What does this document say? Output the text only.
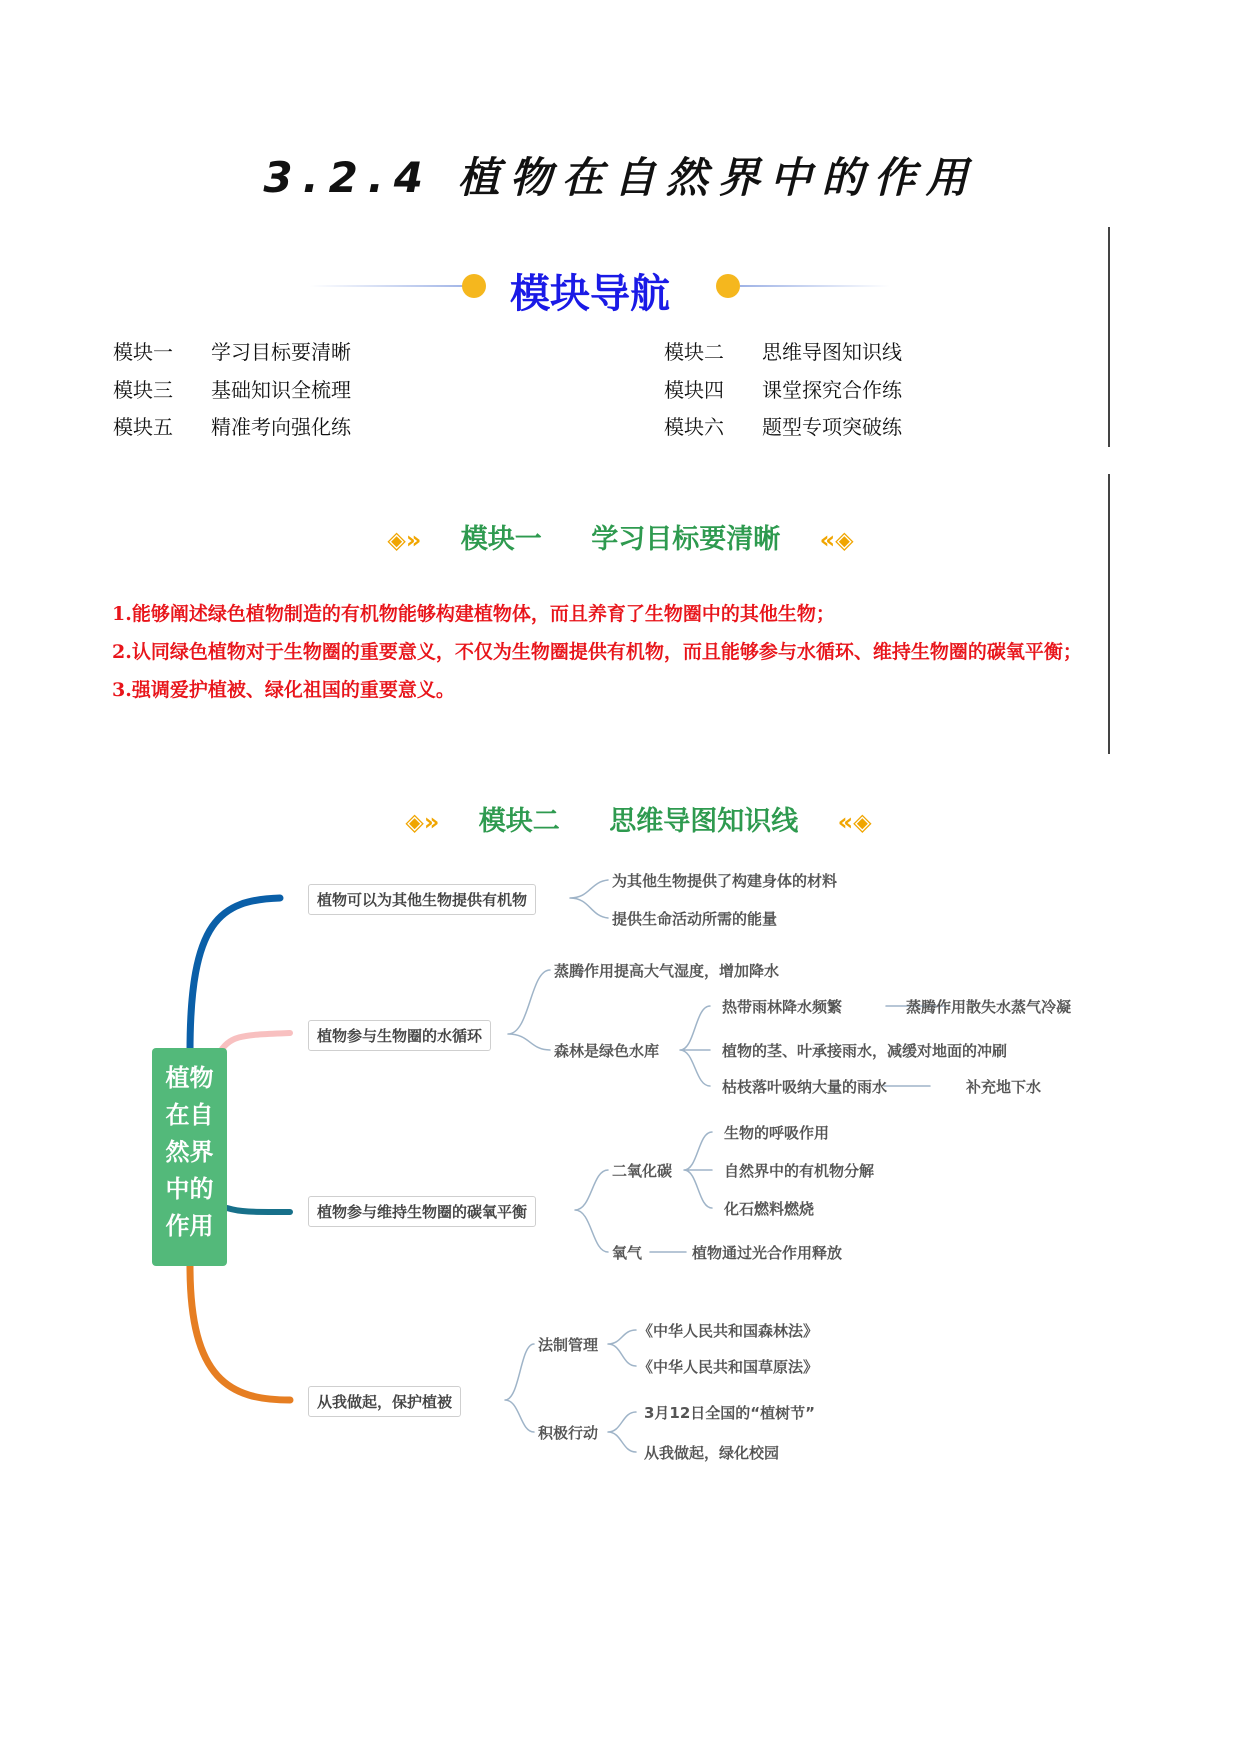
3.2.4 植物在自然界中的作用
模块导航
模块一 学习目标要清晰	模块二 思维导图知识线
模块三 基础知识全梳理	模块四 课堂探究合作练
模块五 精准考向强化练	模块六 题型专项突破练
◈» 模块一 学习目标要清晰 «◈
1.能够阐述绿色植物制造的有机物能够构建植物体，而且养育了生物圈中的其他生物；
2.认同绿色植物对于生物圈的重要意义，不仅为生物圈提供有机物，而且能够参与水循环、维持生物圈的碳氧平衡；
3.强调爱护植被、绿化祖国的重要意义。
◈» 模块二 思维导图知识线 «◈
植物
在自
然界
中的
作用
植物可以为其他生物提供有机物
为其他生物提供了构建身体的材料
提供生命活动所需的能量
植物参与生物圈的水循环
蒸腾作用提高大气湿度，增加降水
森林是绿色水库
热带雨林降水频繁	蒸腾作用散失水蒸气冷凝
植物的茎、叶承接雨水，减缓对地面的冲刷
枯枝落叶吸纳大量的雨水	补充地下水
植物参与维持生物圈的碳氧平衡
二氧化碳
氧气
生物的呼吸作用
自然界中的有机物分解
化石燃料燃烧
植物通过光合作用释放
从我做起，保护植被
法制管理
积极行动
《中华人民共和国森林法》
《中华人民共和国草原法》
3月12日全国的“植树节”
从我做起，绿化校园
